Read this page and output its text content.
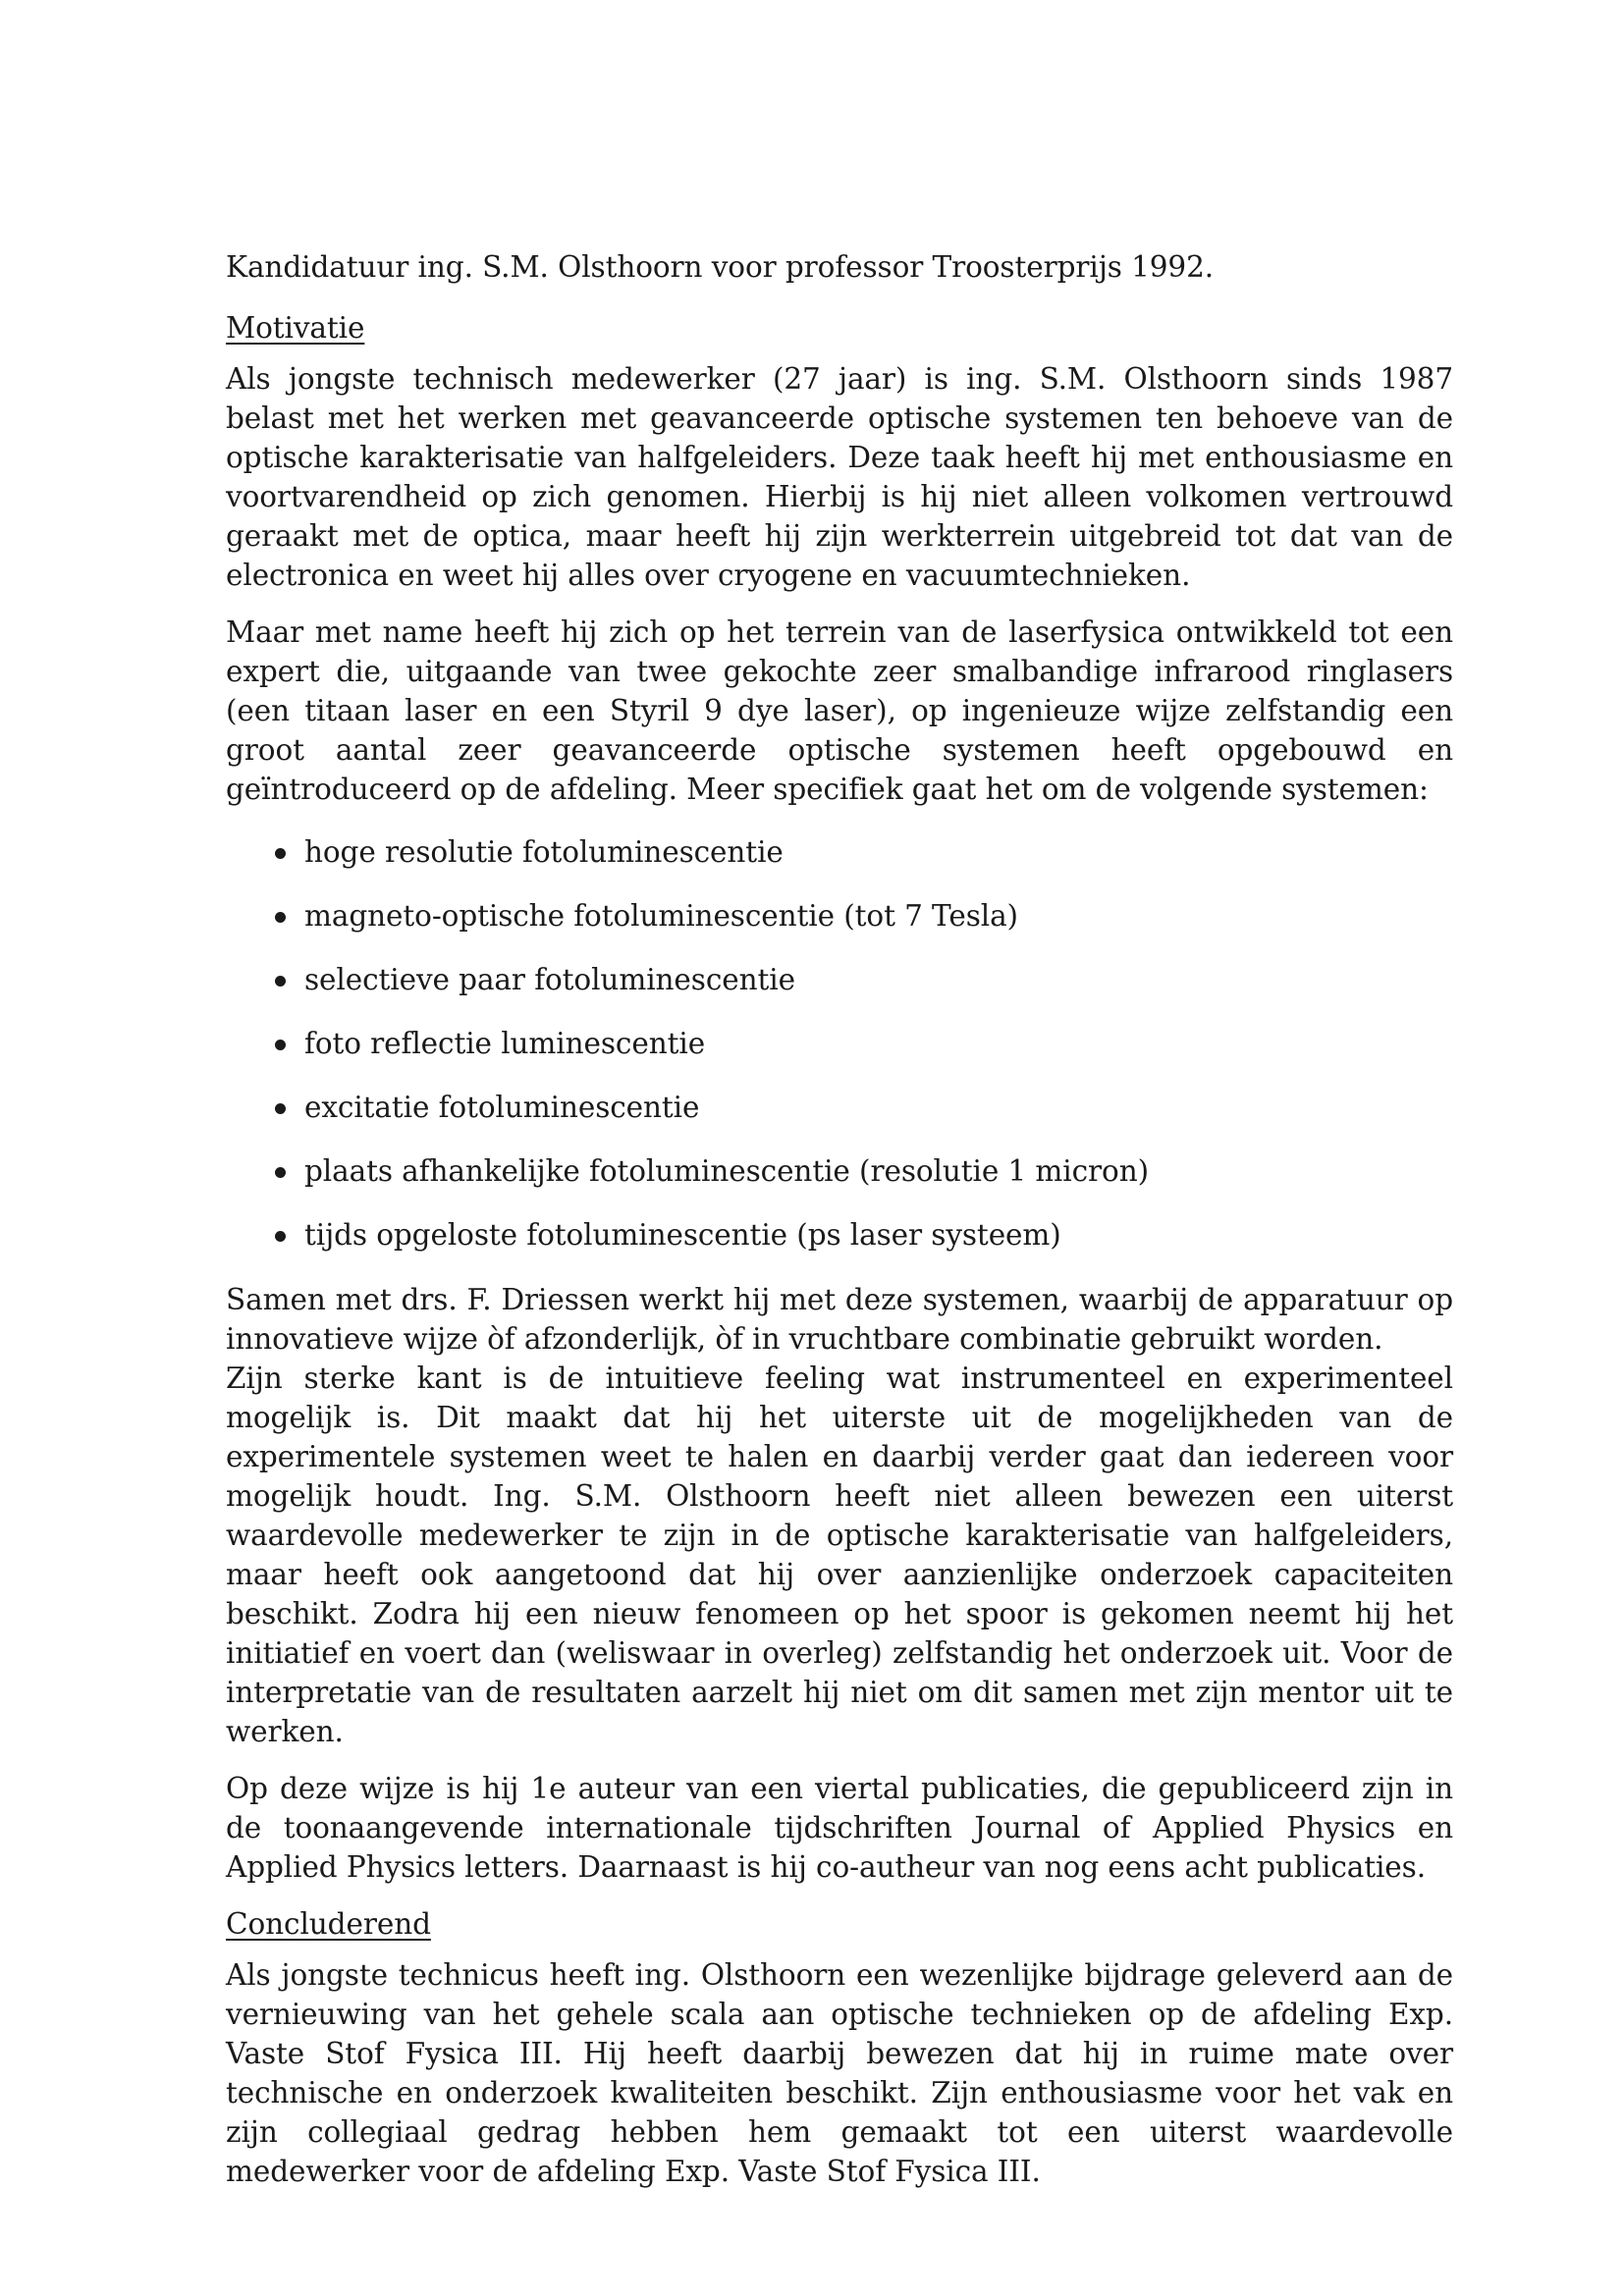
Kandidatuur ing. S.M. Olsthoorn voor professor Troosterprijs 1992.
Motivatie

Als jongste technisch medewerker (27 jaar) is ing. S.M. Olsthoorn sinds 1987 belast met het werken met geavanceerde optische systemen ten behoeve van de optische karakterisatie van halfgeleiders. Deze taak heeft hij met enthousiasme en voortvarendheid op zich genomen. Hierbij is hij niet alleen volkomen vertrouwd geraakt met de optica, maar heeft hij zijn werkterrein uitgebreid tot dat van de electronica en weet hij alles over cryogene en vacuumtechnieken.

Maar met name heeft hij zich op het terrein van de laserfysica ontwikkeld tot een expert die, uitgaande van twee gekochte zeer smalbandige infrarood ringlasers (een titaan laser en een Styril 9 dye laser), op ingenieuze wijze zelfstandig een groot aantal zeer geavanceerde optische systemen heeft opgebouwd en geïntroduceerd op de afdeling. Meer specifiek gaat het om de volgende systemen:

hoge resolutie fotoluminescentie
magneto-optische fotoluminescentie (tot 7 Tesla)
selectieve paar fotoluminescentie
foto reflectie luminescentie
excitatie fotoluminescentie
plaats afhankelijke fotoluminescentie (resolutie 1 micron)
tijds opgeloste fotoluminescentie (ps laser systeem)

Samen met drs. F. Driessen werkt hij met deze systemen, waarbij de apparatuur op innovatieve wijze òf afzonderlijk, òf in vruchtbare combinatie gebruikt worden.

Zijn sterke kant is de intuitieve feeling wat instrumenteel en experimenteel mogelijk is. Dit maakt dat hij het uiterste uit de mogelijkheden van de experimentele systemen weet te halen en daarbij verder gaat dan iedereen voor mogelijk houdt. Ing. S.M. Olsthoorn heeft niet alleen bewezen een uiterst waardevolle medewerker te zijn in de optische karakterisatie van halfgeleiders, maar heeft ook aangetoond dat hij over aanzienlijke onderzoek capaciteiten beschikt. Zodra hij een nieuw fenomeen op het spoor is gekomen neemt hij het initiatief en voert dan (weliswaar in overleg) zelfstandig het onderzoek uit. Voor de interpretatie van de resultaten aarzelt hij niet om dit samen met zijn mentor uit te werken.

Op deze wijze is hij 1e auteur van een viertal publicaties, die gepubliceerd zijn in de toonaangevende internationale tijdschriften Journal of Applied Physics en Applied Physics letters. Daarnaast is hij co-autheur van nog eens acht publicaties.

Concluderend

Als jongste technicus heeft ing. Olsthoorn een wezenlijke bijdrage geleverd aan de vernieuwing van het gehele scala aan optische technieken op de afdeling Exp. Vaste Stof Fysica III. Hij heeft daarbij bewezen dat hij in ruime mate over technische en onderzoek kwaliteiten beschikt. Zijn enthousiasme voor het vak en zijn collegiaal gedrag hebben hem gemaakt tot een uiterst waardevolle medewerker voor de afdeling Exp. Vaste Stof Fysica III.
